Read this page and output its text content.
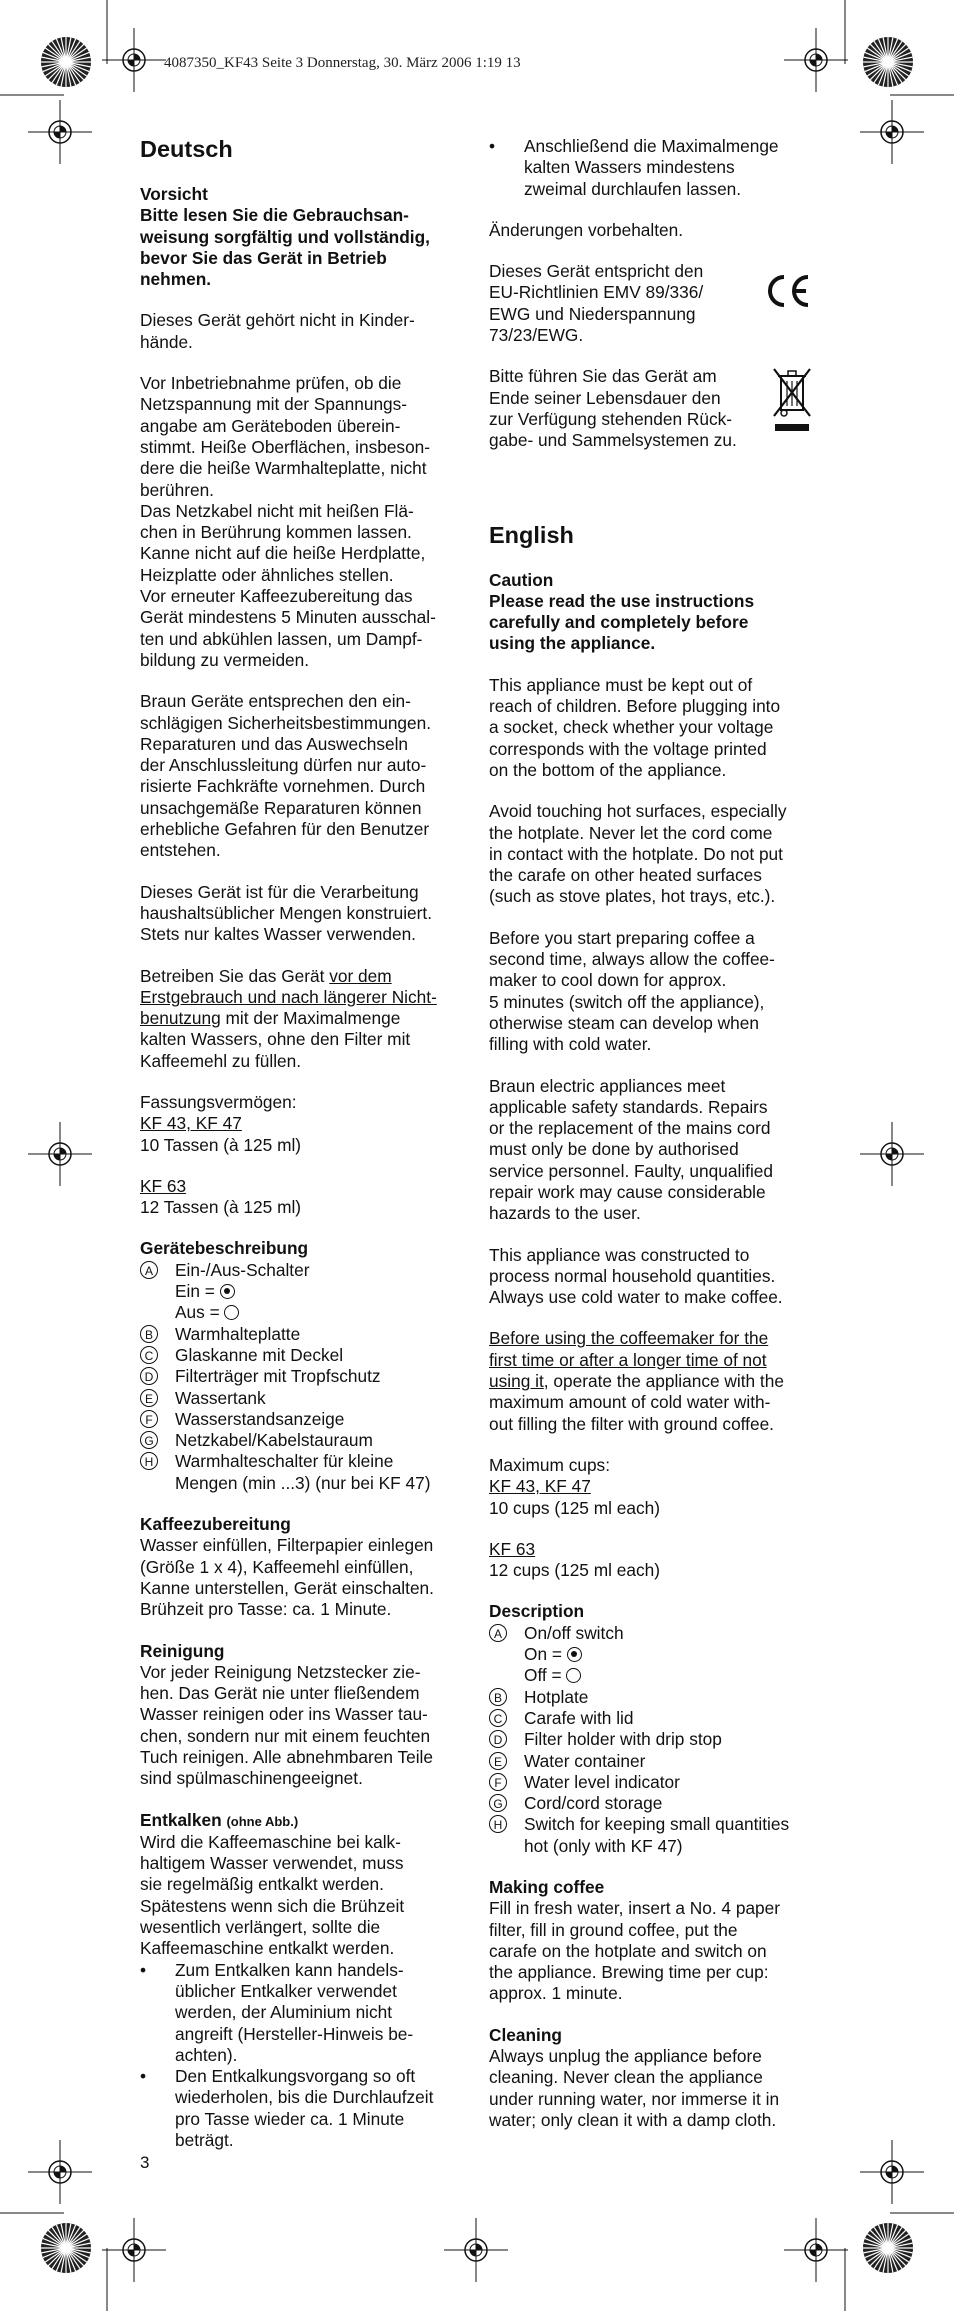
4087350_KF43 Seite 3 Donnerstag, 30. März 2006 1:19 13
Deutsch
Vorsicht

Bitte lesen Sie die Gebrauchsan-
weisung sorgfältig und vollständig,
bevor Sie das Gerät in Betrieb
nehmen.

Dieses Gerät gehört nicht in Kinder-
hände.

Vor Inbetriebnahme prüfen, ob die
Netzspannung mit der Spannungs-
angabe am Geräteboden überein-
stimmt. Heiße Oberflächen, insbeson-
dere die heiße Warmhalteplatte, nicht
berühren.
Das Netzkabel nicht mit heißen Flä-
chen in Berührung kommen lassen.
Kanne nicht auf die heiße Herdplatte,
Heizplatte oder ähnliches stellen.
Vor erneuter Kaffeezubereitung das
Gerät mindestens 5 Minuten ausschal-
ten und abkühlen lassen, um Dampf-
bildung zu vermeiden.

Braun Geräte entsprechen den ein-
schlägigen Sicherheitsbestimmungen.
Reparaturen und das Auswechseln
der Anschlussleitung dürfen nur auto-
risierte Fachkräfte vornehmen. Durch
unsachgemäße Reparaturen können
erhebliche Gefahren für den Benutzer
entstehen.

Dieses Gerät ist für die Verarbeitung
haushaltsüblicher Mengen konstruiert.
Stets nur kaltes Wasser verwenden.

Betreiben Sie das Gerät vor dem
Erstgebrauch und nach längerer Nicht-
benutzung mit der Maximalmenge
kalten Wassers, ohne den Filter mit
Kaffeemehl zu füllen.

Fassungsvermögen:
KF 43, KF 47

10 Tassen (à 125 ml)

KF 63

12 Tassen (à 125 ml)

Gerätebeschreibung
A	Ein-/Aus-Schalter
Ein =
Aus =
B	Warmhalteplatte
C	Glaskanne mit Deckel
D	Filterträger mit Tropfschutz
E	Wassertank
F	Wasserstandsanzeige
G	Netzkabel/Kabelstauraum
H	Warmhalteschalter für kleine
Mengen (min ...3) (nur bei KF 47)
Kaffeezubereitung

Wasser einfüllen, Filterpapier einlegen
(Größe 1 x 4), Kaffeemehl einfüllen,
Kanne unterstellen, Gerät einschalten.
Brühzeit pro Tasse: ca. 1 Minute.

Reinigung

Vor jeder Reinigung Netzstecker zie-
hen. Das Gerät nie unter fließendem
Wasser reinigen oder ins Wasser tau-
chen, sondern nur mit einem feuchten
Tuch reinigen. Alle abnehmbaren Teile
sind spülmaschinengeeignet.

Entkalken (ohne Abb.)
Wird die Kaffeemaschine bei kalk-
haltigem Wasser verwendet, muss
sie regelmäßig entkalkt werden.
Spätestens wenn sich die Brühzeit
wesentlich verlängert, sollte die
Kaffeemaschine entkalkt werden.
•	Zum Entkalken kann handels-
üblicher Entkalker verwendet
werden, der Aluminium nicht
angreift (Hersteller-Hinweis be-
achten).
•	Den Entkalkungsvorgang so oft
wiederholen, bis die Durchlaufzeit
pro Tasse wieder ca. 1 Minute
beträgt.
3
•	Anschließend die Maximalmenge
kalten Wassers mindestens
zweimal durchlaufen lassen.

Änderungen vorbehalten.

Dieses Gerät entspricht den
EU-Richtlinien EMV 89/336/
EWG und Niederspannung
73/23/EWG.
Bitte führen Sie das Gerät am
Ende seiner Lebensdauer den
zur Verfügung stehenden Rück-
gabe- und Sammelsystemen zu.
English
Caution

Please read the use instructions
carefully and completely before
using the appliance.

This appliance must be kept out of
reach of children. Before plugging into
a socket, check whether your voltage
corresponds with the voltage printed
on the bottom of the appliance.

Avoid touching hot surfaces, especially
the hotplate. Never let the cord come
in contact with the hotplate. Do not put
the carafe on other heated surfaces
(such as stove plates, hot trays, etc.).

Before you start preparing coffee a
second time, always allow the coffee-
maker to cool down for approx.
5 minutes (switch off the appliance),
otherwise steam can develop when
filling with cold water.

Braun electric appliances meet
applicable safety standards. Repairs
or the replacement of the mains cord
must only be done by authorised
service personnel. Faulty, unqualified
repair work may cause considerable
hazards to the user.

This appliance was constructed to
process normal household quantities.
Always use cold water to make coffee.

Before using the coffeemaker for the
first time or after a longer time of not
using it, operate the appliance with the
maximum amount of cold water with-
out filling the filter with ground coffee.

Maximum cups:
KF 43, KF 47

10 cups (125 ml each)

KF 63

12 cups (125 ml each)

Description
A	On/off switch
On =
Off =
B	Hotplate
C	Carafe with lid
D	Filter holder with drip stop
E	Water container
F	Water level indicator
G	Cord/cord storage
H	Switch for keeping small quantities
hot (only with KF 47)
Making coffee

Fill in fresh water, insert a No. 4 paper
filter, fill in ground coffee, put the
carafe on the hotplate and switch on
the appliance. Brewing time per cup:
approx. 1 minute.

Cleaning

Always unplug the appliance before
cleaning. Never clean the appliance
under running water, nor immerse it in
water; only clean it with a damp cloth.
